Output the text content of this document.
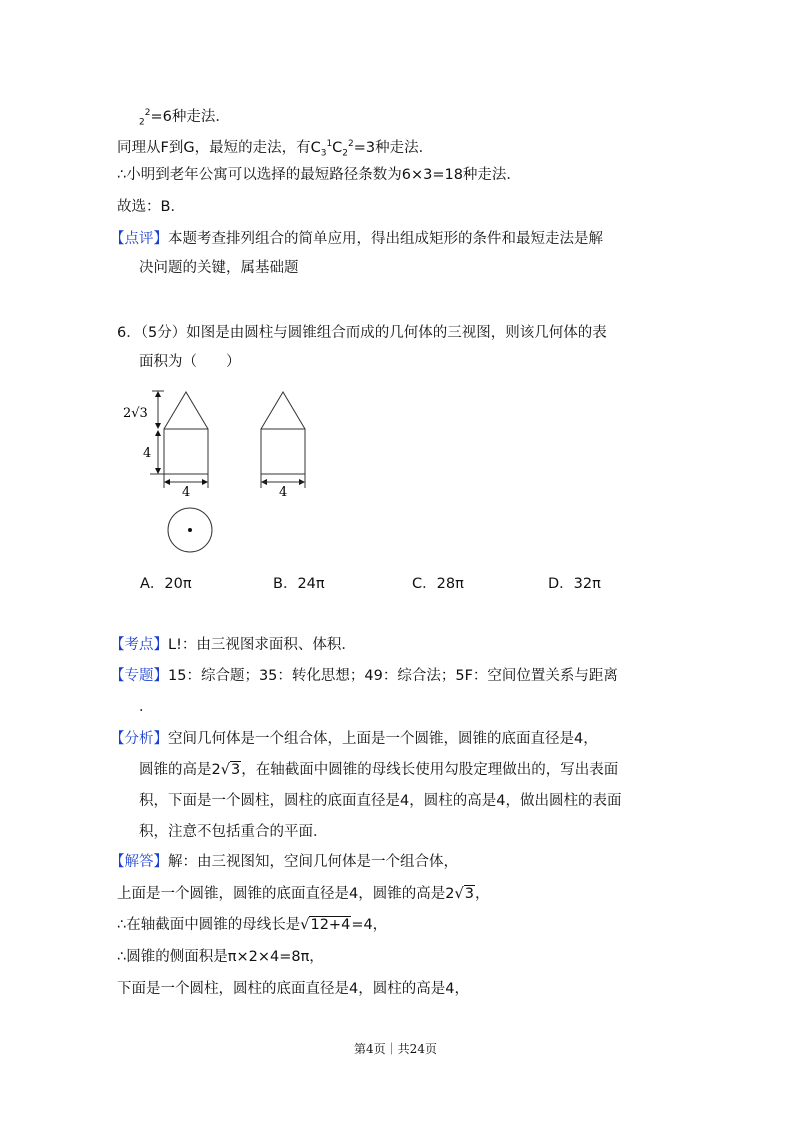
$_2^2$=6种走法．
同理从F到G，最短的走法，有$C_3^1C_2^2=3$种走法．
∴小明到老年公寓可以选择的最短路径条数为6×3=18种走法．
故选：B．
【点评】本题考查排列组合的简单应用，得出组成矩形的条件和最短走法是解
决问题的关键，属基础题
6．（5分）如图是由圆柱与圆锥组合而成的几何体的三视图，则该几何体的表
面积为（　　）
2√3
4
4	4
A．20π	B．24π	C．28π	D．32π
【考点】L!：由三视图求面积、体积．
【专题】15：综合题；35：转化思想；49：综合法；5F：空间位置关系与距离
．
【分析】空间几何体是一个组合体，上面是一个圆锥，圆锥的底面直径是4，
圆锥的高是2√3，在轴截面中圆锥的母线长使用勾股定理做出的，写出表面
积，下面是一个圆柱，圆柱的底面直径是4，圆柱的高是4，做出圆柱的表面
积，注意不包括重合的平面．
【解答】解：由三视图知，空间几何体是一个组合体，
上面是一个圆锥，圆锥的底面直径是4，圆锥的高是2√3，
∴在轴截面中圆锥的母线长是√12+4=4，
∴圆锥的侧面积是π×2×4=8π，
下面是一个圆柱，圆柱的底面直径是4，圆柱的高是4，
第4页｜共24页
